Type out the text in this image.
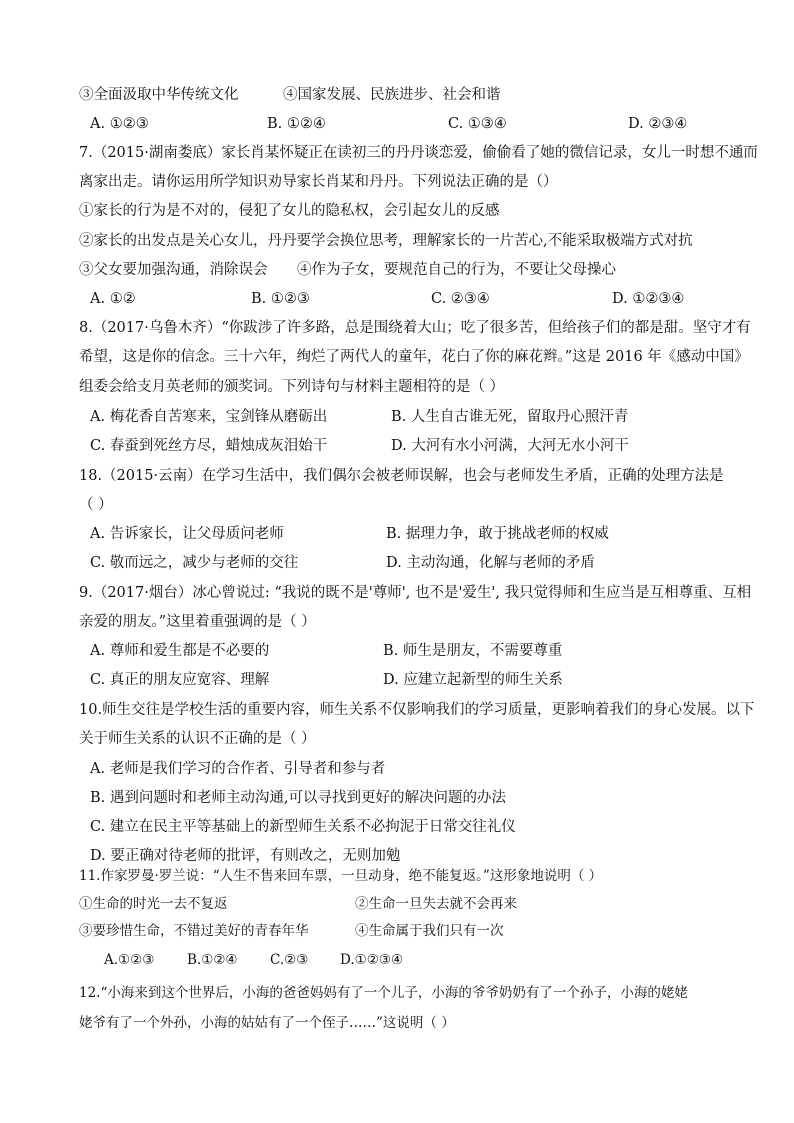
③全面汲取中华传统文化	④国家发展、民族进步、社会和谐
A. ①②③	B. ①②④	C. ①③④	D. ②③④
7.（2015·湖南娄底）家长肖某怀疑正在读初三的丹丹谈恋爱，偷偷看了她的微信记录，女儿一时想不通而
离家出走。请你运用所学知识劝导家长肖某和丹丹。下列说法正确的是（）
①家长的行为是不对的，侵犯了女儿的隐私权，会引起女儿的反感
②家长的出发点是关心女儿，丹丹要学会换位思考，理解家长的一片苦心,不能采取极端方式对抗
③父女要加强沟通，消除误会 ④作为子女，要规范自己的行为，不要让父母操心
A. ①②	B. ①②③	C. ②③④	D. ①②③④
8.（2017·乌鲁木齐）“你跋涉了许多路，总是围绕着大山；吃了很多苦，但给孩子们的都是甜。坚守才有
希望，这是你的信念。三十六年，绚烂了两代人的童年，花白了你的麻花辫。”这是 2016 年《感动中国》
组委会给支月英老师的颁奖词。下列诗句与材料主题相符的是（ ）
A. 梅花香自苦寒来，宝剑锋从磨砺出	B. 人生自古谁无死，留取丹心照汗青
C. 春蚕到死丝方尽，蜡烛成灰泪始干	D. 大河有水小河满，大河无水小河干
18.（2015·云南）在学习生活中，我们偶尔会被老师误解，也会与老师发生矛盾，正确的处理方法是
（ ）
A. 告诉家长，让父母质问老师	B. 据理力争，敢于挑战老师的权威
C. 敬而远之，减少与老师的交往	D. 主动沟通，化解与老师的矛盾
9.（2017·烟台）冰心曾说过: “我说的既不是'尊师', 也不是'爱生', 我只觉得师和生应当是互相尊重、互相
亲爱的朋友。”这里着重强调的是（ ）
A. 尊师和爱生都是不必要的	B. 师生是朋友，不需要尊重
C. 真正的朋友应宽容、理解	D. 应建立起新型的师生关系
10.师生交往是学校生活的重要内容，师生关系不仅影响我们的学习质量，更影响着我们的身心发展。以下
关于师生关系的认识不正确的是（ ）
A. 老师是我们学习的合作者、引导者和参与者
B. 遇到问题时和老师主动沟通,可以寻找到更好的解决问题的办法
C. 建立在民主平等基础上的新型师生关系不必拘泥于日常交往礼仪
D. 要正确对待老师的批评，有则改之，无则加勉
11.作家罗曼·罗兰说：“人生不售来回车票，一旦动身，绝不能复返。”这形象地说明（ ）
①生命的时光一去不复返	②生命一旦失去就不会再来
③要珍惜生命，不错过美好的青春年华	④生命属于我们只有一次
A.①②③ B.①②④ C.②③ D.①②③④
12.“小海来到这个世界后，小海的爸爸妈妈有了一个儿子，小海的爷爷奶奶有了一个孙子，小海的姥姥
姥爷有了一个外孙，小海的姑姑有了一个侄子……”这说明（ ）
